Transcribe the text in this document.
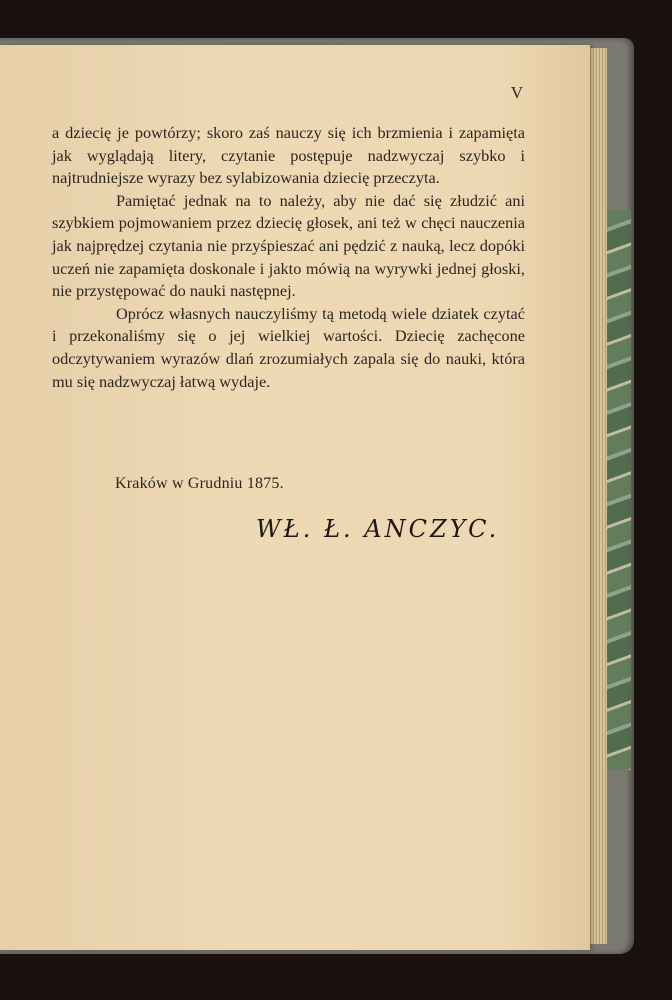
V

a dziecię je powtórzy; skoro zaś nauczy się ich brzmienia i zapamięta jak wyglądają litery, czytanie postępuje nadzwyczaj szybko i najtrudniejsze wyrazy bez sylabizowania dziecię przeczyta.

Pamiętać jednak na to należy, aby nie dać się złudzić ani szybkiem pojmowaniem przez dziecię głosek, ani też w chęci nauczenia jak najprędzej czytania nie przyśpieszać ani pędzić z nauką, lecz dopóki uczeń nie zapamięta doskonale i jakto mówią na wyrywki jednej głoski, nie przystępować do nauki następnej.

Oprócz własnych nauczyliśmy tą metodą wiele dziatek czytać i przekonaliśmy się o jej wielkiej wartości. Dziecię zachęcone odczytywaniem wyrazów dlań zrozumiałych zapala się do nauki, która mu się nadzwyczaj łatwą wydaje.

Kraków w Grudniu 1875.
WŁ. Ł. ANCZYC.
